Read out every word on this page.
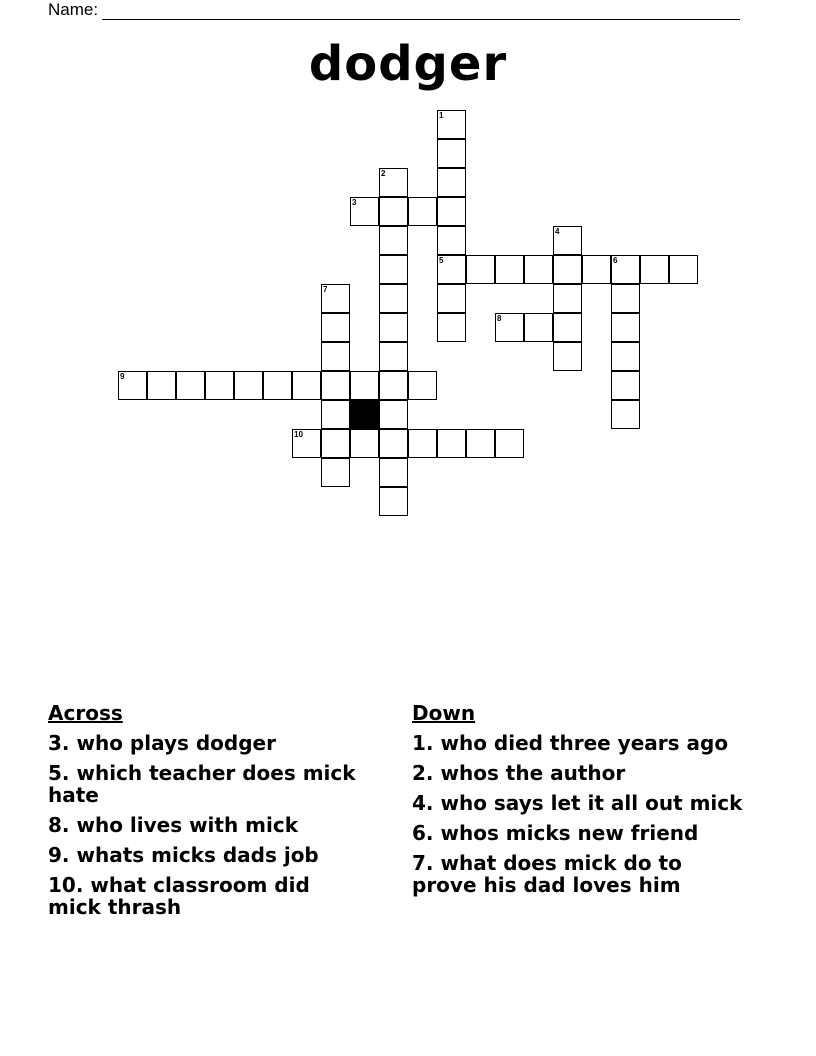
Name:
dodger
1
2
3
4
5	6
7
8
9
10
Across
3. who plays dodger
5. which teacher does mick hate
8. who lives with mick
9. whats micks dads job
10. what classroom did mick thrash
Down
1. who died three years ago
2. whos the author
4. who says let it all out mick
6. whos micks new friend
7. what does mick do to prove his dad loves him
